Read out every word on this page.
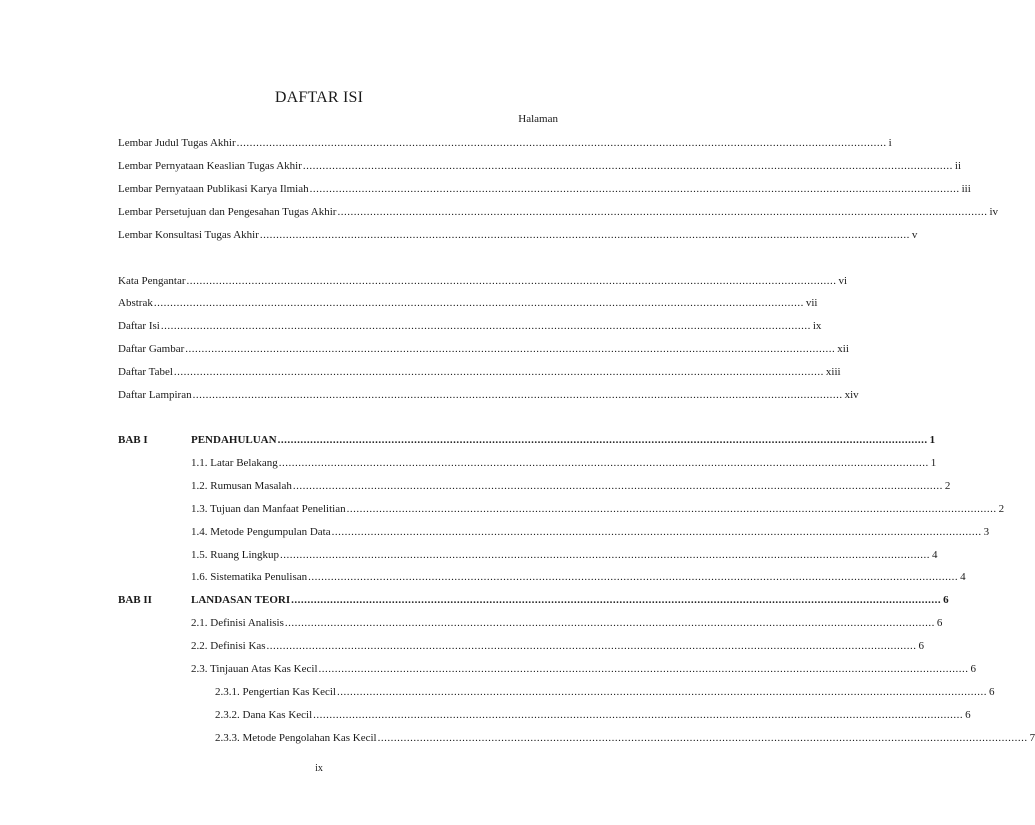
DAFTAR ISI
Halaman
Lembar Judul Tugas Akhir ........................................................................................................................................................................................................ i
Lembar Pernyataan Keaslian Tugas Akhir ........................................................................................................................................................................................................ ii
Lembar Pernyataan Publikasi Karya Ilmiah ........................................................................................................................................................................................................ iii
Lembar Persetujuan dan Pengesahan Tugas Akhir ........................................................................................................................................................................................................ iv
Lembar Konsultasi Tugas Akhir ........................................................................................................................................................................................................ v
Kata Pengantar ........................................................................................................................................................................................................ vi
Abstrak ........................................................................................................................................................................................................ vii
Daftar Isi ........................................................................................................................................................................................................ ix
Daftar Gambar ........................................................................................................................................................................................................ xii
Daftar Tabel ........................................................................................................................................................................................................ xiii
Daftar Lampiran ........................................................................................................................................................................................................ xiv
BAB I	PENDAHULUAN ........................................................................................................................................................................................................ 1
1.1. Latar Belakang ........................................................................................................................................................................................................ 1
1.2. Rumusan Masalah ........................................................................................................................................................................................................ 2
1.3. Tujuan dan Manfaat Penelitian ........................................................................................................................................................................................................ 2
1.4. Metode Pengumpulan Data ........................................................................................................................................................................................................ 3
1.5. Ruang Lingkup ........................................................................................................................................................................................................ 4
1.6. Sistematika Penulisan ........................................................................................................................................................................................................ 4
BAB II	LANDASAN TEORI ........................................................................................................................................................................................................ 6
2.1. Definisi Analisis ........................................................................................................................................................................................................ 6
2.2. Definisi Kas ........................................................................................................................................................................................................ 6
2.3. Tinjauan Atas Kas Kecil ........................................................................................................................................................................................................ 6
2.3.1. Pengertian Kas Kecil ........................................................................................................................................................................................................ 6
2.3.2. Dana Kas Kecil ........................................................................................................................................................................................................ 6
2.3.3. Metode Pengolahan Kas Kecil ........................................................................................................................................................................................................ 7
ix
